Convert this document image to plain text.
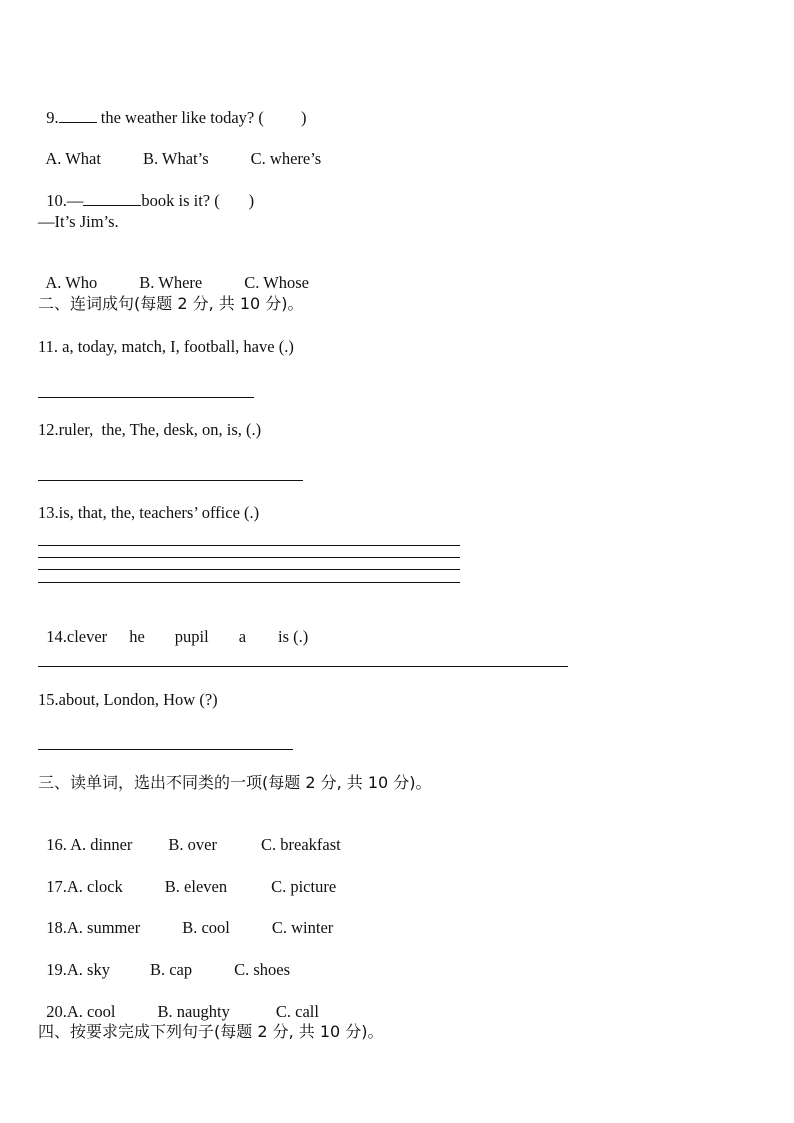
9. the weather like today? (         )

A. What	B. What’s	C. where’s

10.—	book is it? (       )

—It’s Jim’s.

A. Who	B. Where	C. Whose

二、连词成句(每题 2 分, 共 10 分)。
11. a, today, match, I, football, have (.)
12.ruler,  the, The, desk, on, is, (.)
13.is, that, the, teachers’ office (.)

14.clever he pupil a is (.)

15.about, London, How (?)
三、读单词，选出不同类的一项(每题 2 分, 共 10 分)。

16. A. dinner B. over	C. breakfast

17.A. clock	B. eleven	C. picture

18.A. summer	B. cool	C. winter

19.A. sky B. cap	C. shoes

20.A. cool	B. naughty	C. call

四、按要求完成下列句子(每题 2 分, 共 10 分)。
